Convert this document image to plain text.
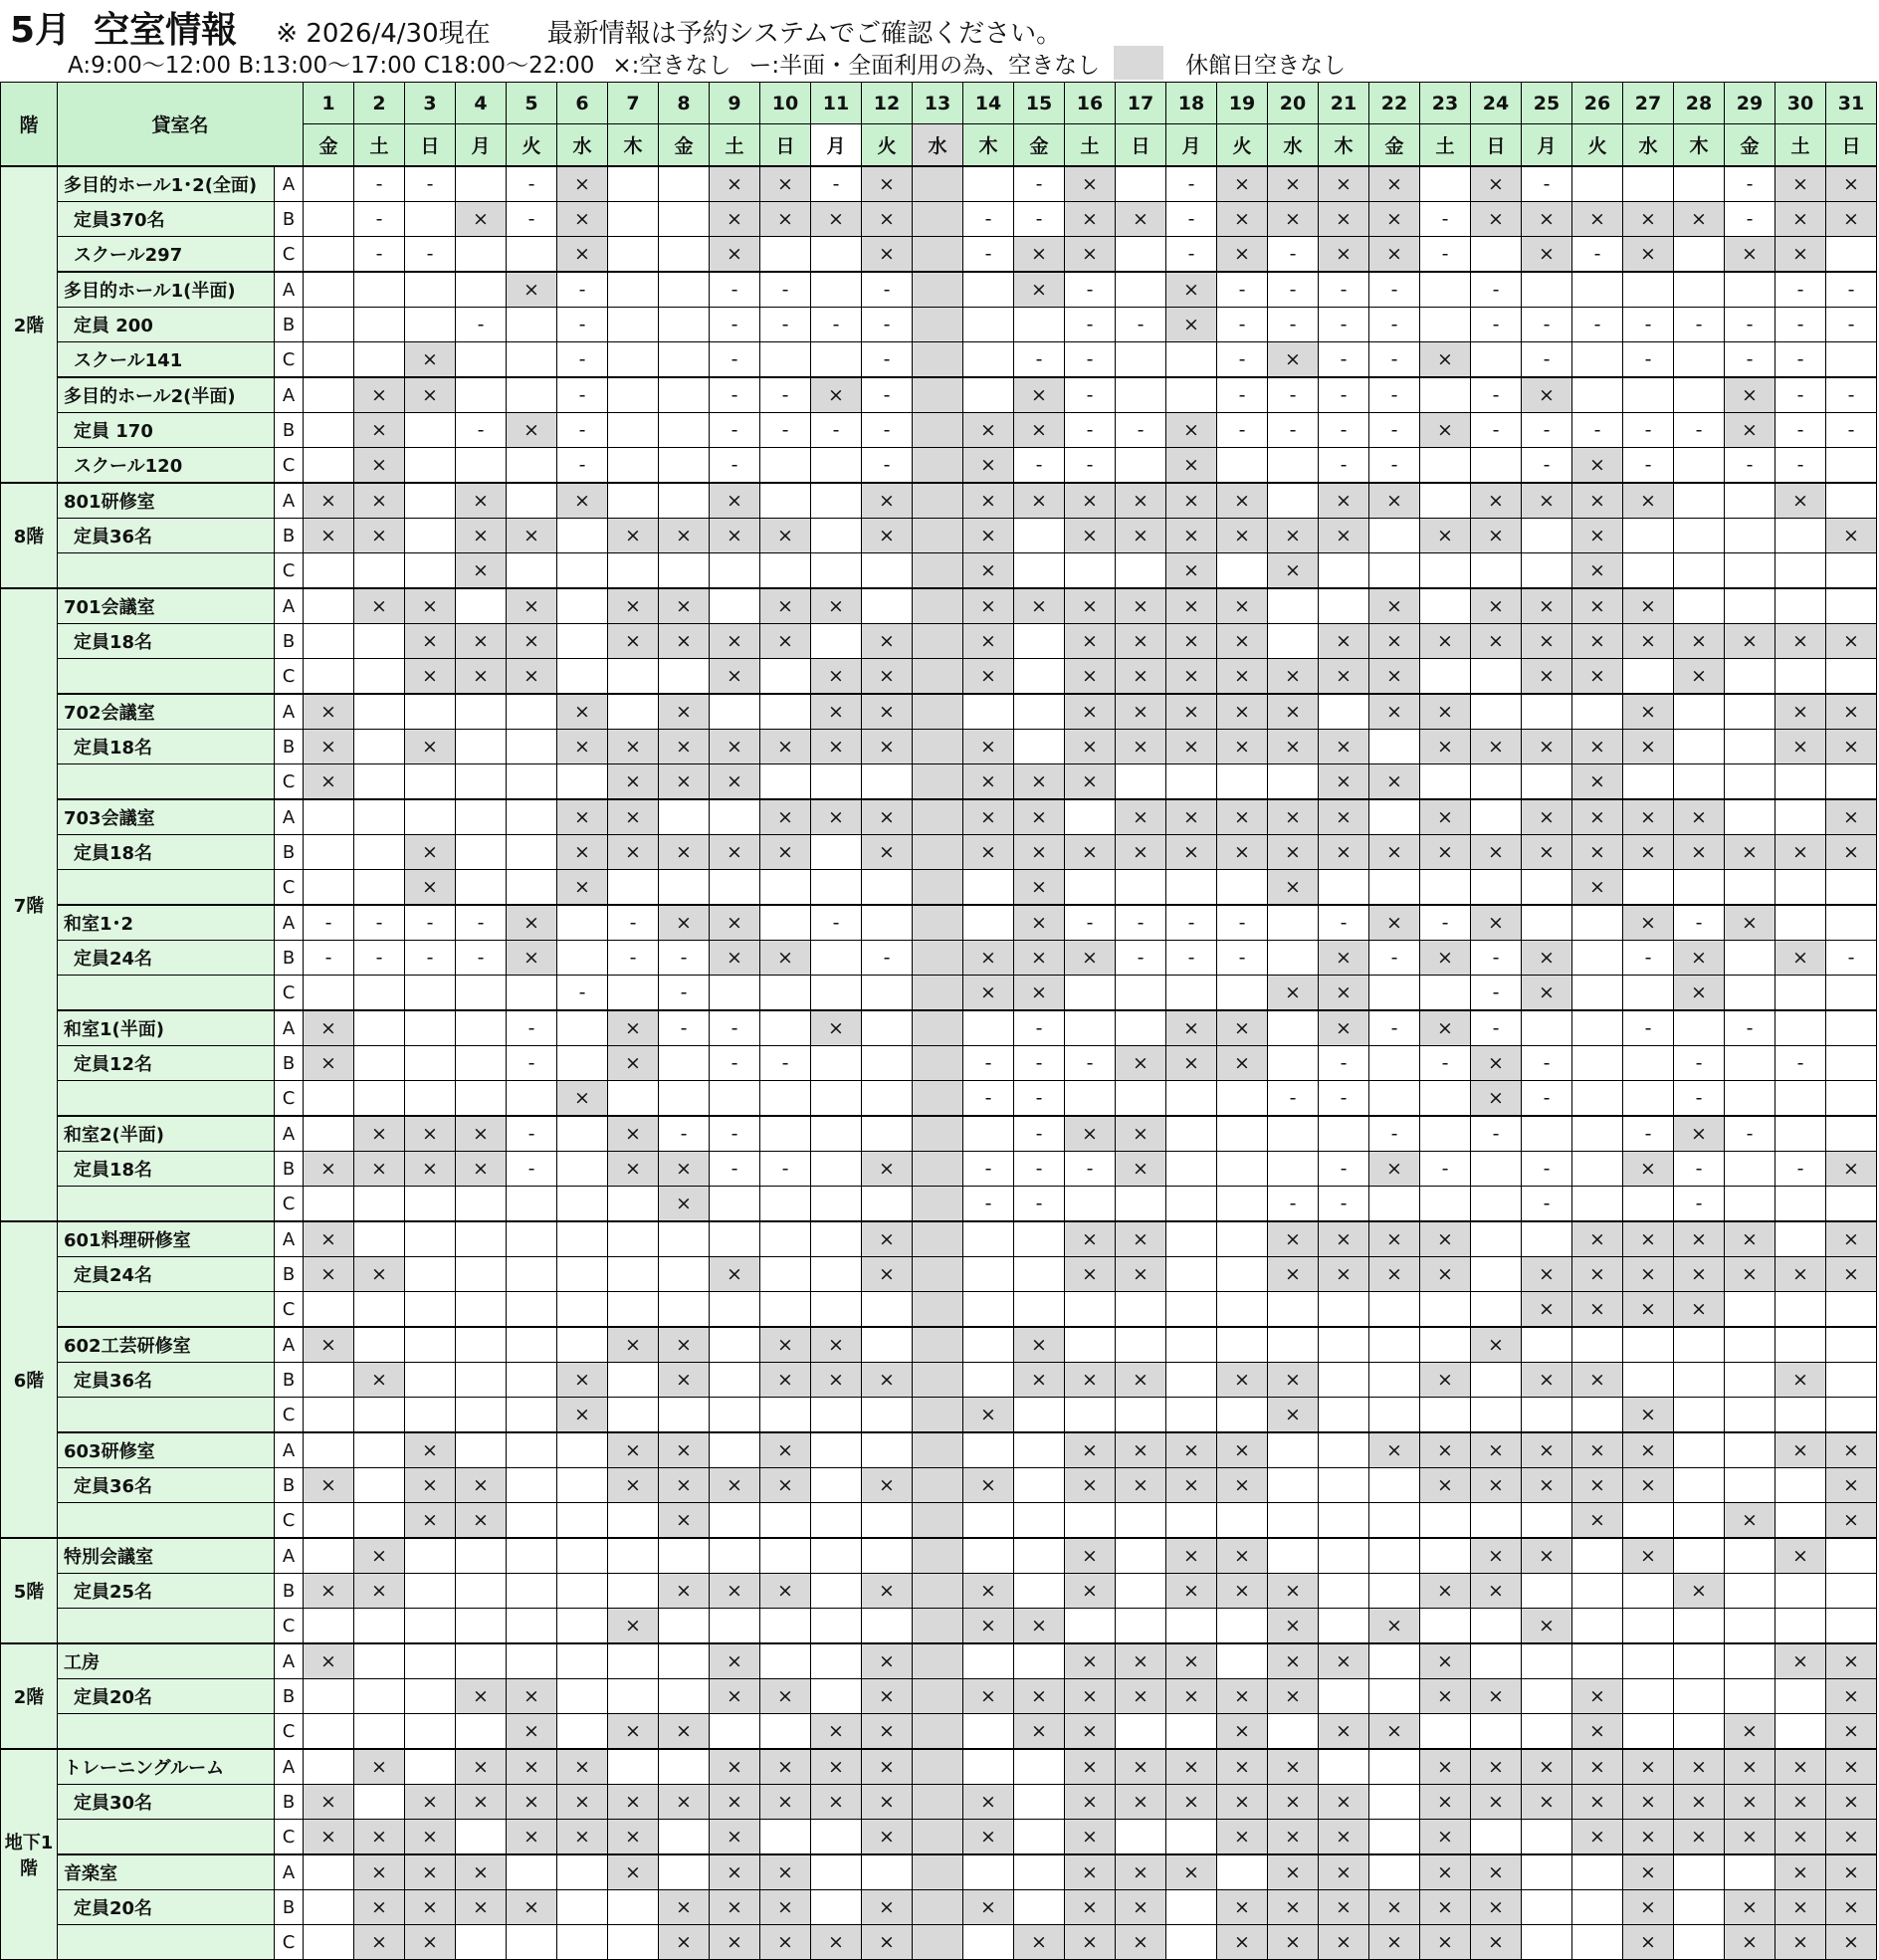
5月 空室情報 ※ 2026/4/30現在 最新情報は予約システムでご確認ください。
A:9:00～12:00 B:13:00～17:00 C18:00～22:00 ×:空きなし ー:半面・全面利用の為、空きなし	休館日空きなし
階	貸室名		1	2	3	4	5	6	7	8	9	10	11	12	13	14	15	16	17	18	19	20	21	22	23	24	25	26	27	28	29	30	31
			金	土	日	月	火	水	木	金	土	日	月	火	水	木	金	土	日	月	火	水	木	金	土	日	月	火	水	木	金	土	日
2階	多目的ホール1･2(全面)	A		-	-		-	×			×	×	-	×			-	×		-	×	×	×	×		×	-				-	×	×
	定員370名	B		-		×	-	×			×	×	×	×		-	-	×	×	-	×	×	×	×	-	×	×	×	×	×	-	×	×
	スクール297	C		-	-			×			×			×		-	×	×		-	×	-	×	×	-		×	-	×		×	×	
	多目的ホール1(半面)	A					×	-			-	-		-			×	-		×	-	-	-	-		-						-	-
	定員 200	B				-		-			-	-	-	-				-	-	×	-	-	-	-		-	-	-	-	-	-	-	-
	スクール141	C			×			-			-			-			-	-			-	×	-	-	×		-		-		-	-	
	多目的ホール2(半面)	A		×	×			-			-	-	×	-			×	-			-	-	-	-		-	×				×	-	-
	定員 170	B		×		-	×	-			-	-	-	-		×	×	-	-	×	-	-	-	-	×	-	-	-	-	-	×	-	-
	スクール120	C		×				-			-			-		×	-	-		×			-	-			-	×	-		-	-	
8階	801研修室	A	×	×		×		×			×			×		×	×	×	×	×	×		×	×		×	×	×	×			×	
	定員36名	B	×	×		×	×		×	×	×	×		×		×		×	×	×	×	×	×		×	×		×					×
		C				×										×				×		×						×					
7階	701会議室	A		×	×		×		×	×		×	×			×	×	×	×	×	×			×		×	×	×	×				
	定員18名	B			×	×	×		×	×	×	×		×		×		×	×	×	×		×	×	×	×	×	×	×	×	×	×	×
		C			×	×	×				×		×	×		×		×	×	×	×	×	×	×			×	×		×			
	702会議室	A	×					×		×			×	×				×	×	×	×	×		×	×				×			×	×
	定員18名	B	×		×			×	×	×	×	×	×	×		×		×	×	×	×	×	×		×	×	×	×	×			×	×
		C	×						×	×	×					×	×	×					×	×				×					
	703会議室	A						×	×			×	×	×		×	×		×	×	×	×	×		×		×	×	×	×			×
	定員18名	B			×			×	×	×	×	×		×		×	×	×	×	×	×	×	×	×	×	×	×	×	×	×	×	×	×
		C			×			×									×					×						×					
	和室1･2	A	-	-	-	-	×		-	×	×		-				×	-	-	-	-		-	×	-	×			×	-	×		
	定員24名	B	-	-	-	-	×		-	-	×	×		-		×	×	×	-	-	-		×	-	×	-	×		-	×		×	-
		C						-		-						×	×					×	×			-	×			×			
	和室1(半面)	A	×				-		×	-	-		×				-			×	×		×	-	×	-			-		-		
	定員12名	B	×				-		×		-	-				-	-	-	×	×	×		-		-	×	-			-		-	
		C						×								-	-					-	-			×	-			-			
	和室2(半面)	A		×	×	×	-		×	-	-						-	×	×					-		-			-	×	-		
	定員18名	B	×	×	×	×	-		×	×	-	-		×		-	-	-	×				-	×	-		-		×	-		-	×
		C								×						-	-					-	-				-			-			
6階	601料理研修室	A	×											×				×	×			×	×	×	×			×	×	×	×		×
	定員24名	B	×	×							×			×				×	×			×	×	×	×		×	×	×	×	×	×	×
		C																									×	×	×	×			
	602工芸研修室	A	×						×	×		×	×				×									×							
	定員36名	B		×				×		×		×	×	×			×	×	×		×	×			×		×	×				×	
		C						×								×						×							×				
	603研修室	A			×				×	×		×						×	×	×	×			×	×	×	×	×	×			×	×
	定員36名	B	×		×	×			×	×	×	×		×		×		×	×	×	×				×	×	×	×	×				×
		C			×	×				×																		×			×		×
5階	特別会議室	A		×														×		×	×					×	×		×			×	
	定員25名	B	×	×						×	×	×		×		×		×		×	×	×			×	×				×			
		C							×							×	×					×		×			×						
2階	工房	A	×								×			×				×	×	×		×	×		×							×	×
	定員20名	B				×	×				×	×		×		×	×	×	×	×	×	×			×	×		×					×
		C					×		×	×			×	×			×	×			×		×	×				×			×		×
地下1階	トレーニングルーム	A		×		×	×	×			×	×	×	×				×	×	×	×	×			×	×	×	×	×	×	×	×	×
	定員30名	B	×		×	×	×	×	×	×	×	×	×	×		×		×	×	×	×	×	×		×	×	×	×	×	×	×	×	×
		C	×	×	×		×	×	×		×			×		×		×			×	×	×		×			×	×	×	×	×	×
	音楽室	A		×	×	×			×		×	×						×	×	×		×	×		×	×			×			×	×
	定員20名	B		×	×	×	×			×	×	×		×		×		×	×		×	×	×	×	×	×			×		×	×	×
		C		×	×					×	×	×	×	×			×	×	×		×	×	×	×	×	×			×		×	×	×
